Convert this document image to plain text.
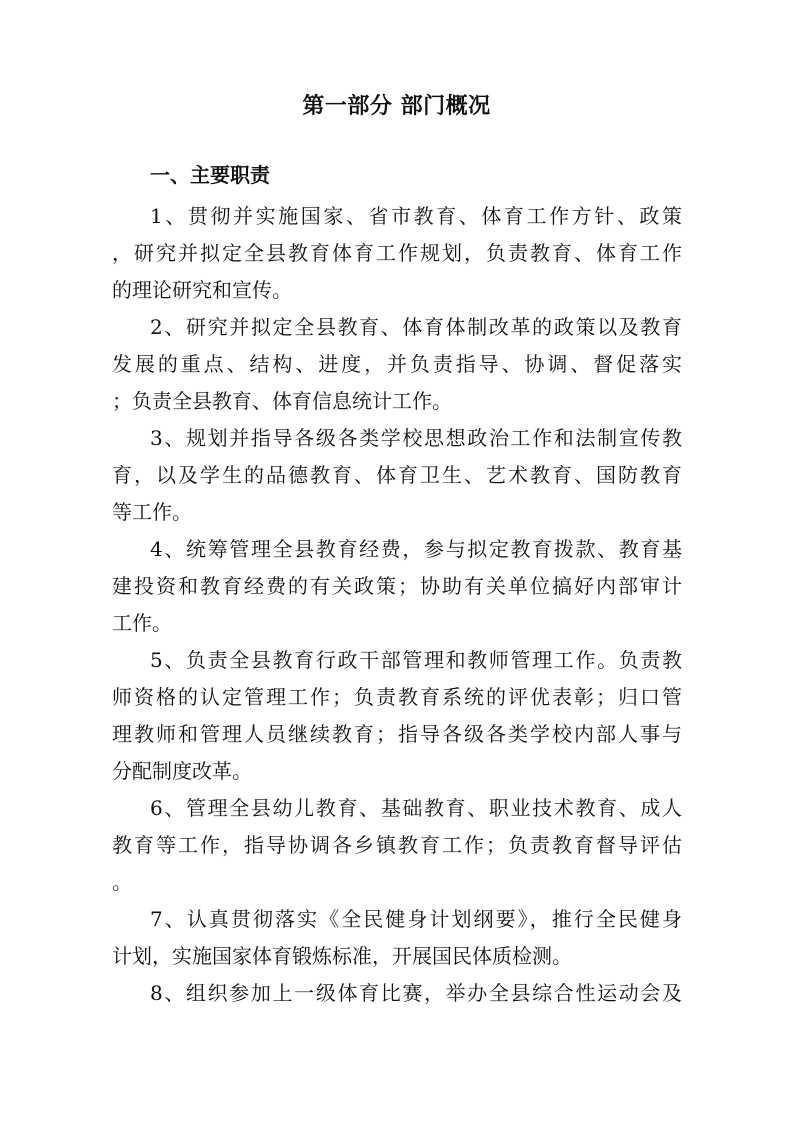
第一部分 部门概况
一、主要职责
1、贯彻并实施国家、省市教育、体育工作方针、政策
，研究并拟定全县教育体育工作规划，负责教育、体育工作
的理论研究和宣传。
2、研究并拟定全县教育、体育体制改革的政策以及教育
发展的重点、结构、进度，并负责指导、协调、督促落实
；负责全县教育、体育信息统计工作。
3、规划并指导各级各类学校思想政治工作和法制宣传教
育，以及学生的品德教育、体育卫生、艺术教育、国防教育
等工作。
4、统筹管理全县教育经费，参与拟定教育拨款、教育基
建投资和教育经费的有关政策；协助有关单位搞好内部审计
工作。
5、负责全县教育行政干部管理和教师管理工作。负责教
师资格的认定管理工作；负责教育系统的评优表彰；归口管
理教师和管理人员继续教育；指导各级各类学校内部人事与
分配制度改革。
6、管理全县幼儿教育、基础教育、职业技术教育、成人
教育等工作，指导协调各乡镇教育工作；负责教育督导评估
。
7、认真贯彻落实《全民健身计划纲要》，推行全民健身
计划，实施国家体育锻炼标准，开展国民体质检测。
8、组织参加上一级体育比赛，举办全县综合性运动会及
